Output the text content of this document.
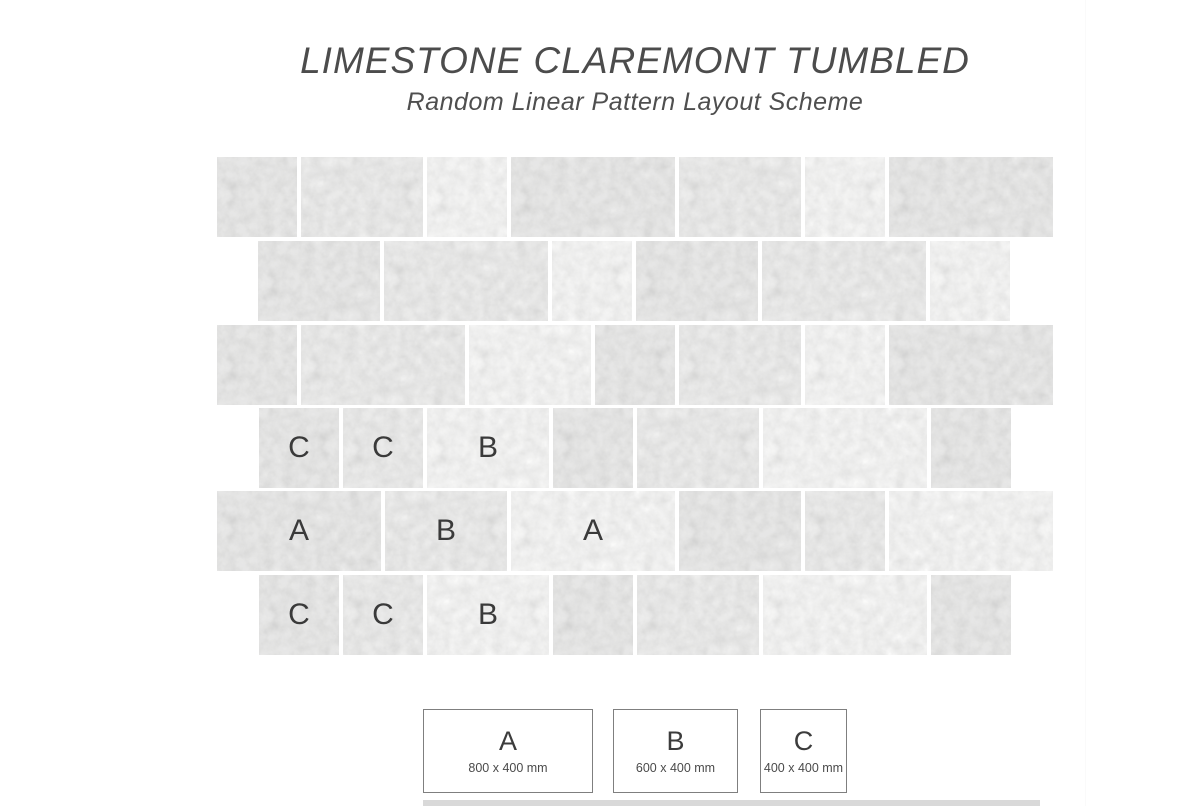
LIMESTONE CLAREMONT TUMBLED
Random Linear Pattern Layout Scheme
C	C	B
A	B	A
C	C	B
A
800 x 400 mm
B
600 x 400 mm
C
400 x 400 mm
